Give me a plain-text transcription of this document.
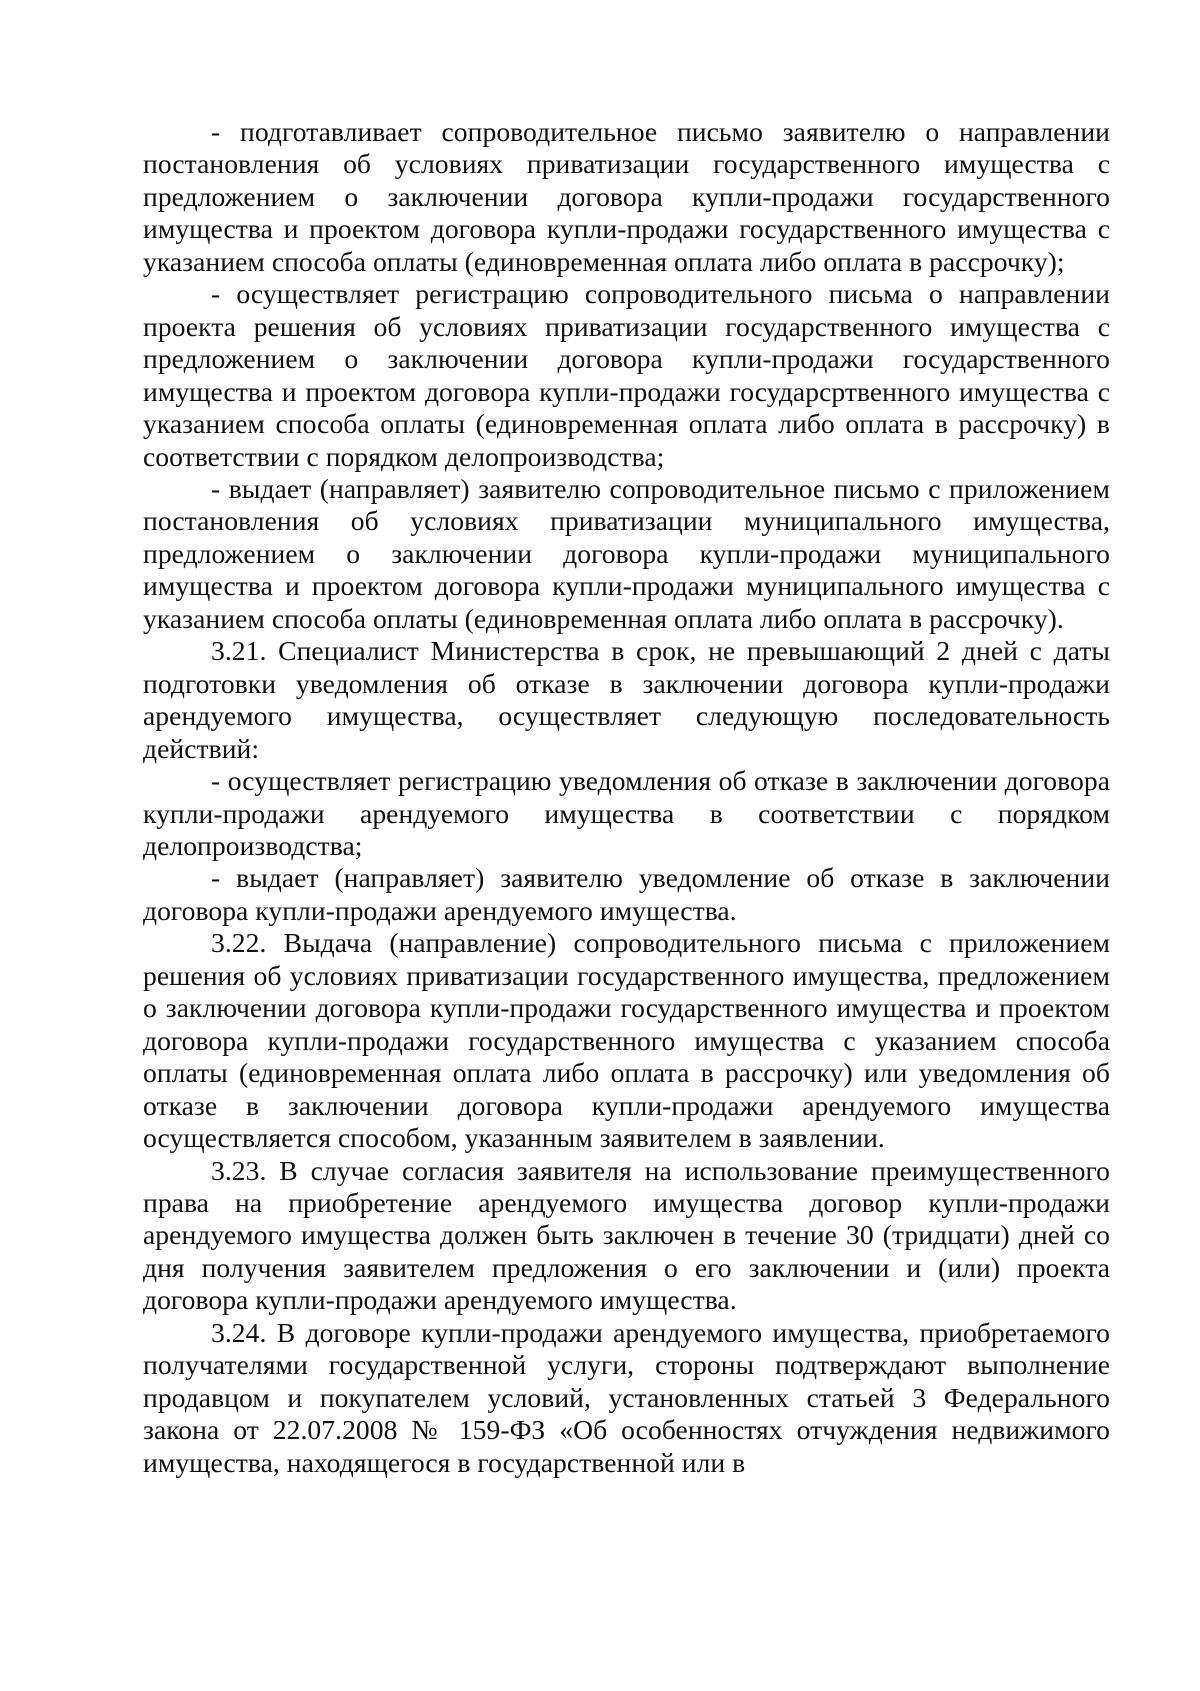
- подготавливает сопроводительное письмо заявителю о направлении постановления об условиях приватизации государственного имущества с предложением о заключении договора купли-продажи государственного имущества и проектом договора купли-продажи государственного имущества с указанием способа оплаты (единовременная оплата либо оплата в рассрочку);

- осуществляет регистрацию сопроводительного письма о направлении проекта решения об условиях приватизации государственного имущества с предложением о заключении договора купли-продажи государственного имущества и проектом договора купли-продажи государсртвенного имущества с указанием способа оплаты (единовременная оплата либо оплата в рассрочку) в соответствии с порядком делопроизводства;

- выдает (направляет) заявителю сопроводительное письмо с приложением постановления об условиях приватизации муниципального имущества, предложением о заключении договора купли-продажи муниципального имущества и проектом договора купли-продажи муниципального имущества с указанием способа оплаты (единовременная оплата либо оплата в рассрочку).

3.21. Специалист Министерства в срок, не превышающий 2 дней с даты подготовки уведомления об отказе в заключении договора купли-продажи арендуемого имущества, осуществляет следующую последовательность действий:

- осуществляет регистрацию уведомления об отказе в заключении договора купли-продажи арендуемого имущества в соответствии с порядком делопроизводства;

- выдает (направляет) заявителю уведомление об отказе в заключении договора купли-продажи арендуемого имущества.

3.22. Выдача (направление) сопроводительного письма с приложением решения об условиях приватизации государственного имущества, предложением о заключении договора купли-продажи государственного имущества и проектом договора купли-продажи государственного имущества с указанием способа оплаты (единовременная оплата либо оплата в рассрочку) или уведомления об отказе в заключении договора купли-продажи арендуемого имущества осуществляется способом, указанным заявителем в заявлении.

3.23. В случае согласия заявителя на использование преимущественного права на приобретение арендуемого имущества договор купли-продажи арендуемого имущества должен быть заключен в течение 30 (тридцати) дней со дня получения заявителем предложения о его заключении и (или) проекта договора купли-продажи арендуемого имущества.

3.24. В договоре купли-продажи арендуемого имущества, приобретаемого получателями государственной услуги, стороны подтверждают выполнение продавцом и покупателем условий, установленных статьей 3 Федерального закона от 22.07.2008 № 159-ФЗ «Об особенностях отчуждения недвижимого имущества, находящегося в государственной или в
